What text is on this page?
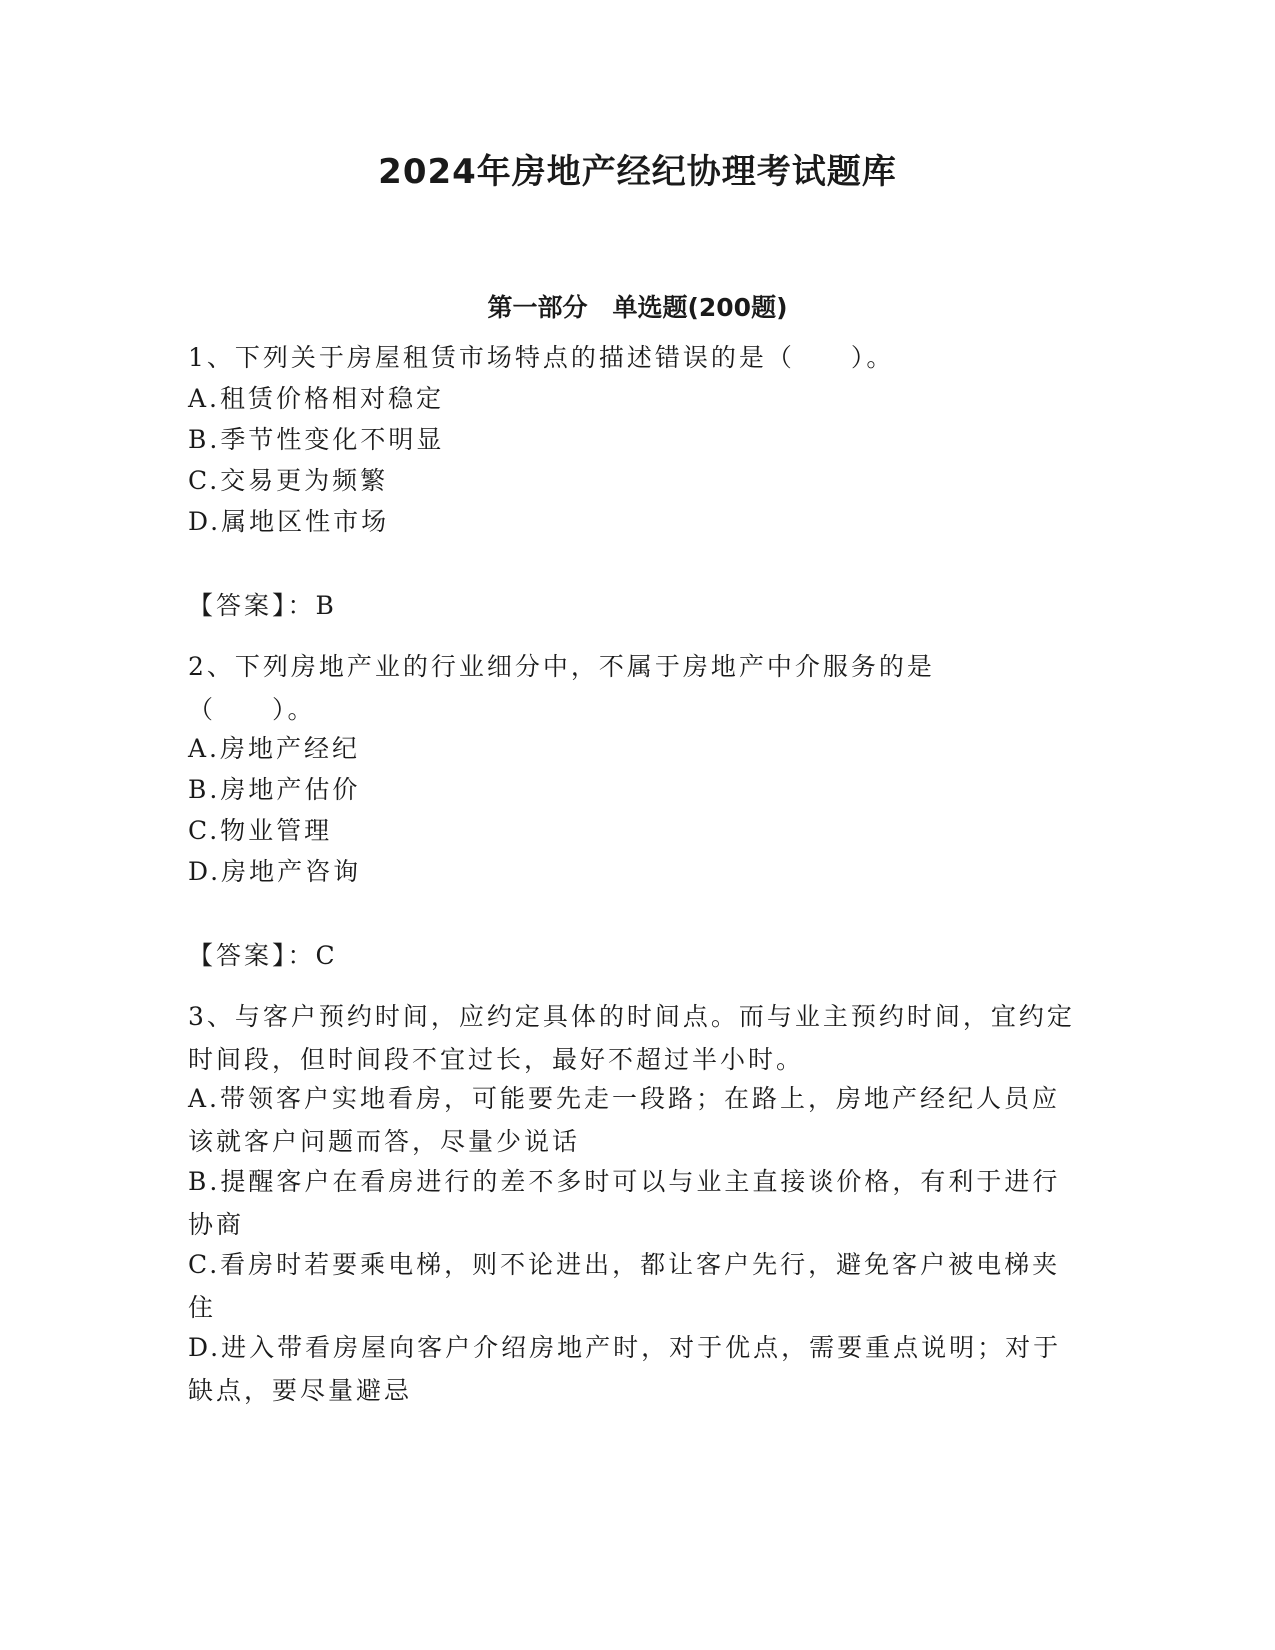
2024年房地产经纪协理考试题库
第一部分　单选题(200题)

1、下列关于房屋租赁市场特点的描述错误的是（　　）。

A.租赁价格相对稳定

B.季节性变化不明显

C.交易更为频繁

D.属地区性市场

【答案】：B

2、下列房地产业的行业细分中，不属于房地产中介服务的是（　　）。

A.房地产经纪

B.房地产估价

C.物业管理

D.房地产咨询

【答案】：C

3、与客户预约时间，应约定具体的时间点。而与业主预约时间，宜约定时间段，但时间段不宜过长，最好不超过半小时。

A.带领客户实地看房，可能要先走一段路；在路上，房地产经纪人员应该就客户问题而答，尽量少说话

B.提醒客户在看房进行的差不多时可以与业主直接谈价格，有利于进行协商

C.看房时若要乘电梯，则不论进出，都让客户先行，避免客户被电梯夹住

D.进入带看房屋向客户介绍房地产时，对于优点，需要重点说明；对于缺点，要尽量避忌
